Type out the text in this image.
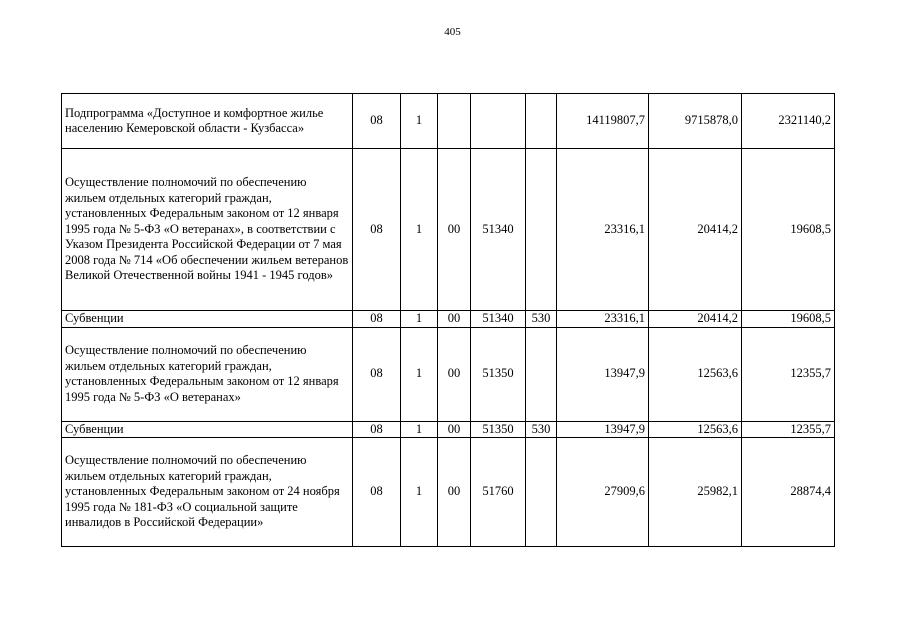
405
Подпрограмма «Доступное и комфортное жилье населению Кемеровской области - Кузбасса»	08	1				14119807,7	9715878,0	2321140,2
Осуществление полномочий по обеспечению жильем отдельных категорий граждан, установленных Федеральным законом от 12 января 1995 года № 5-ФЗ «О ветеранах», в соответствии с Указом Президента Российской Федерации от 7 мая 2008 года № 714 «Об обеспечении жильем ветеранов Великой Отечественной войны 1941 - 1945 годов»	08	1	00	51340		23316,1	20414,2	19608,5
Субвенции	08	1	00	51340	530	23316,1	20414,2	19608,5
Осуществление полномочий по обеспечению жильем отдельных категорий граждан, установленных Федеральным законом от 12 января 1995 года № 5-ФЗ «О ветеранах»	08	1	00	51350		13947,9	12563,6	12355,7
Субвенции	08	1	00	51350	530	13947,9	12563,6	12355,7
Осуществление полномочий по обеспечению жильем отдельных категорий граждан, установленных Федеральным законом от 24 ноября 1995 года № 181-ФЗ «О социальной защите инвалидов в Российской Федерации»	08	1	00	51760		27909,6	25982,1	28874,4
